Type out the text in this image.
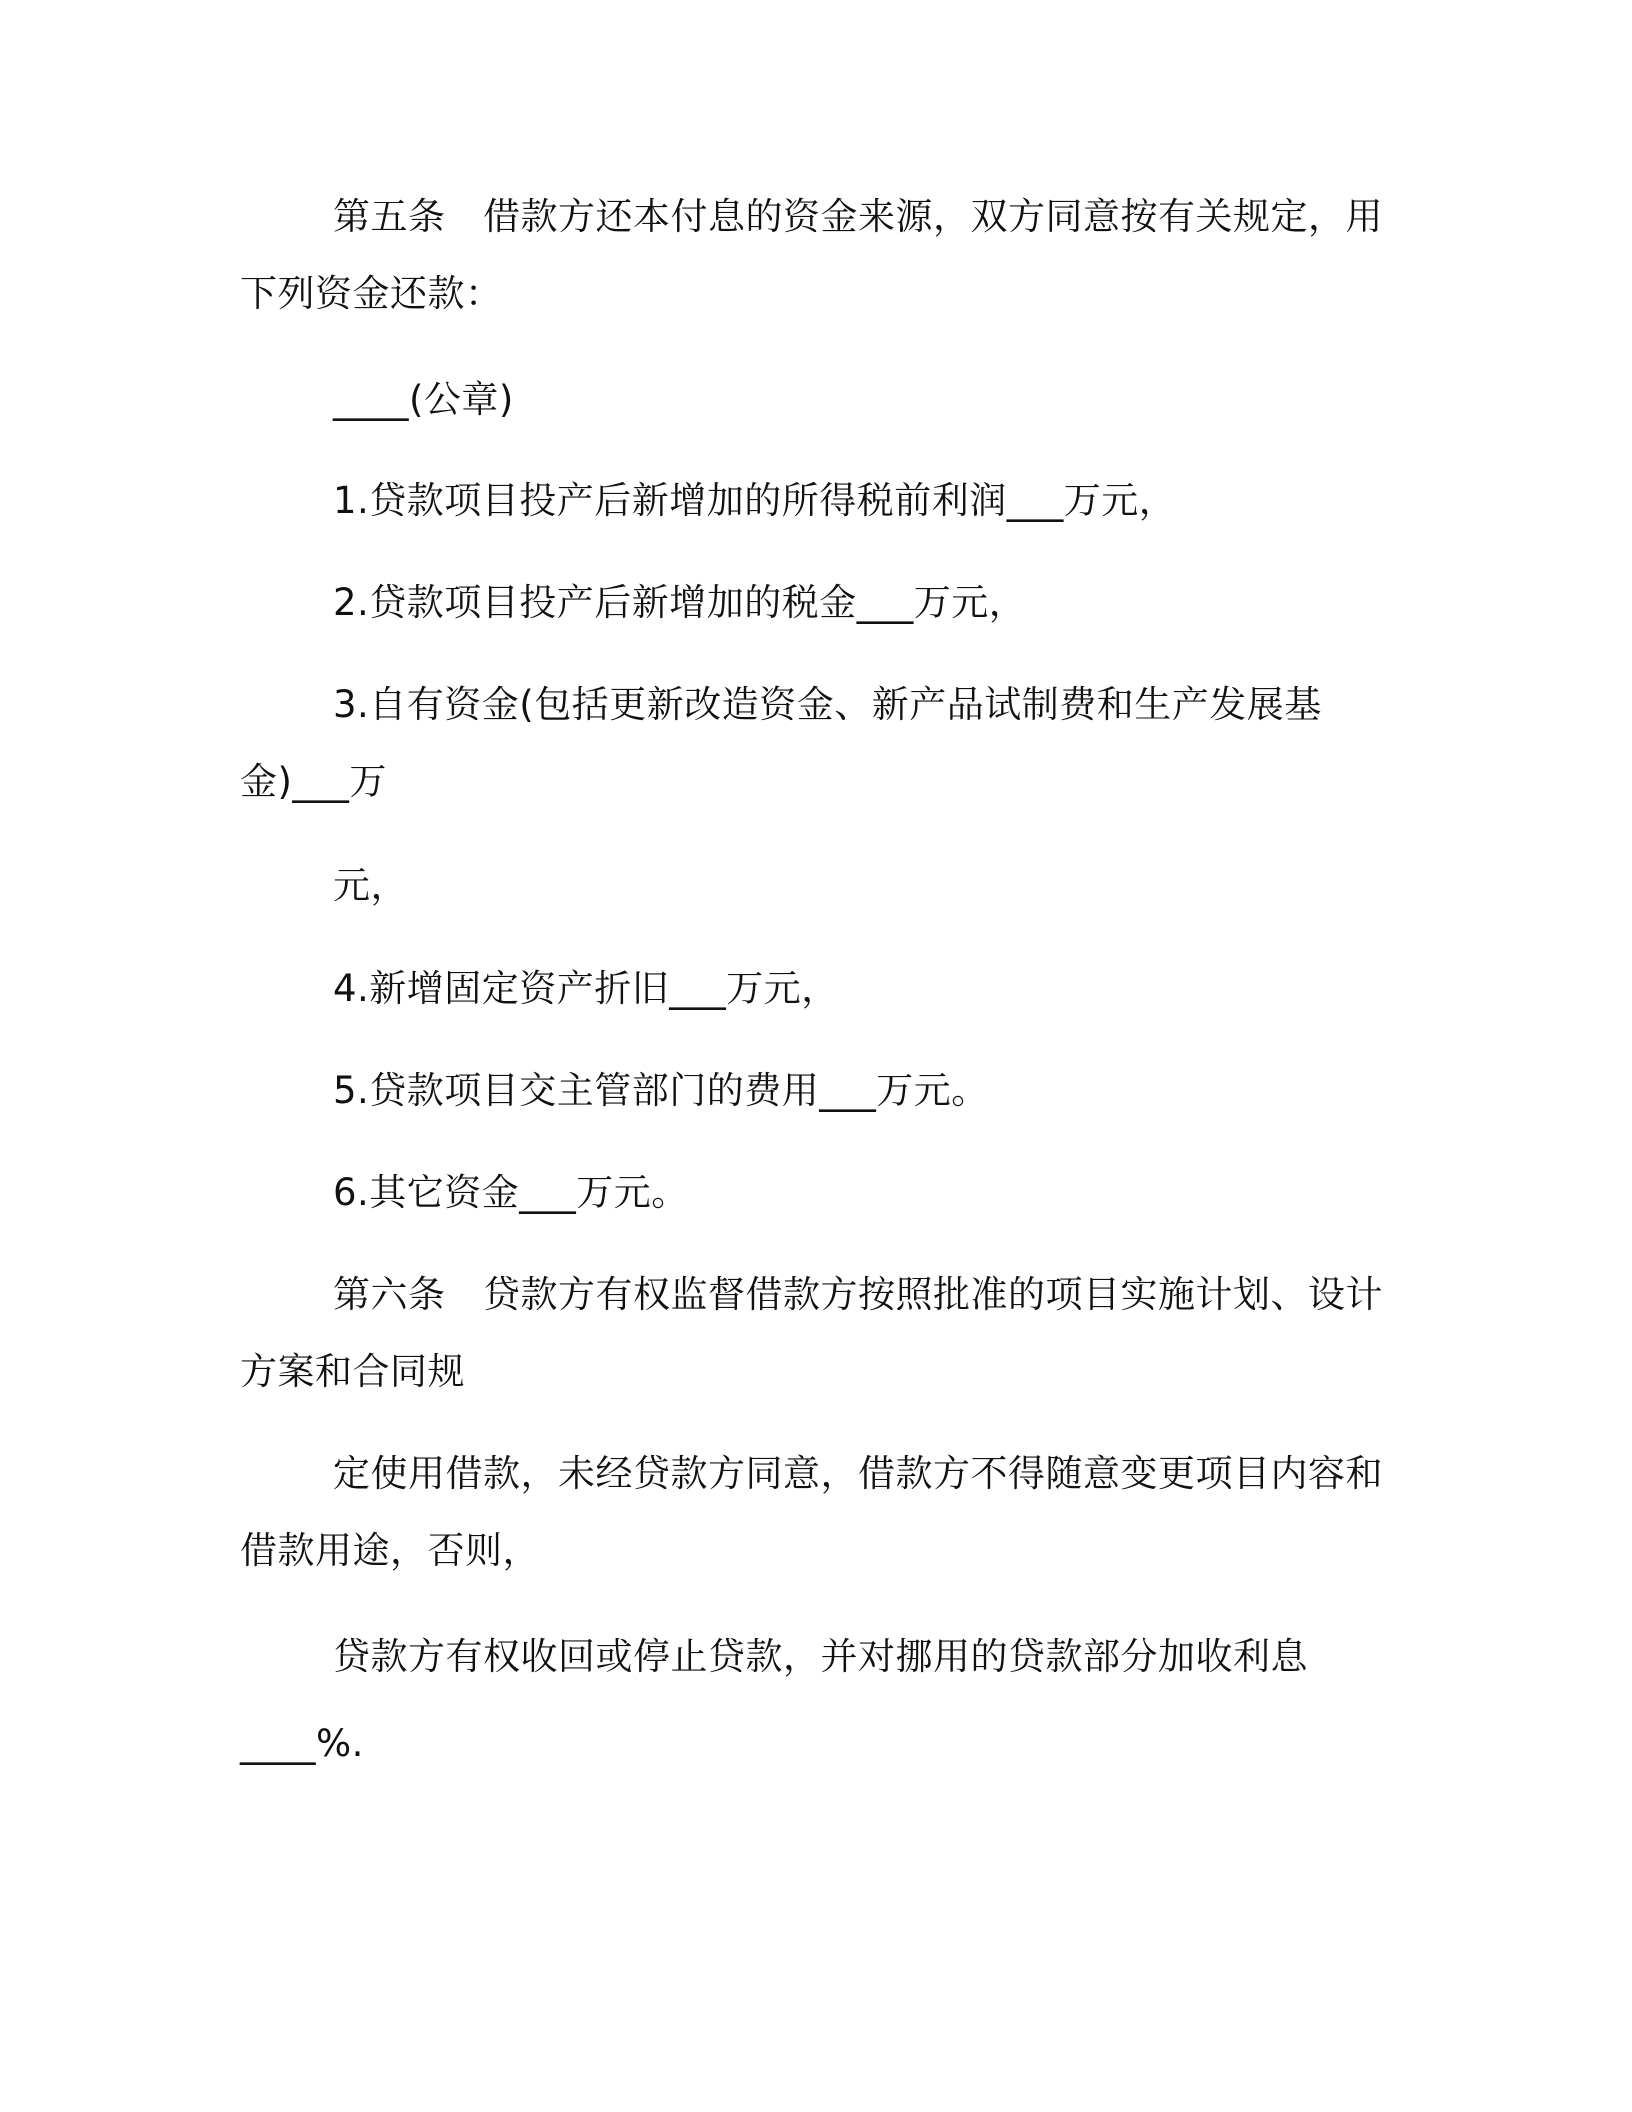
第五条　借款方还本付息的资金来源，双方同意按有关规定，用
下列资金还款：
____(公章)
1.贷款项目投产后新增加的所得税前利润___万元，
2.贷款项目投产后新增加的税金___万元，
3.自有资金(包括更新改造资金、新产品试制费和生产发展基
金)___万
元，
4.新增固定资产折旧___万元，
5.贷款项目交主管部门的费用___万元。
6.其它资金___万元。
第六条　贷款方有权监督借款方按照批准的项目实施计划、设计
方案和合同规
定使用借款，未经贷款方同意，借款方不得随意变更项目内容和
借款用途，否则，
贷款方有权收回或停止贷款，并对挪用的贷款部分加收利息
____%.
